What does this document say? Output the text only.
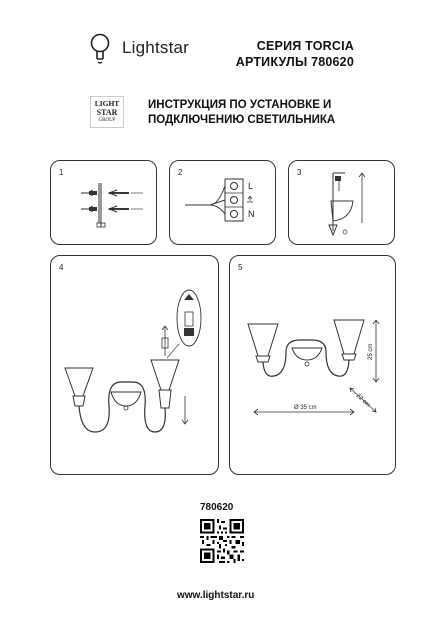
Lightstar	СЕРИЯ TORCIA
АРТИКУЛЫ 780620
LIGHT
STAR
GROUP
ИНСТРУКЦИЯ ПО УСТАНОВКЕ И
ПОДКЛЮЧЕНИЮ СВЕТИЛЬНИКА
1	2
L
N
3
4	5
25 cm
22 cm
Ø 35 cm
780620
www.lightstar.ru
